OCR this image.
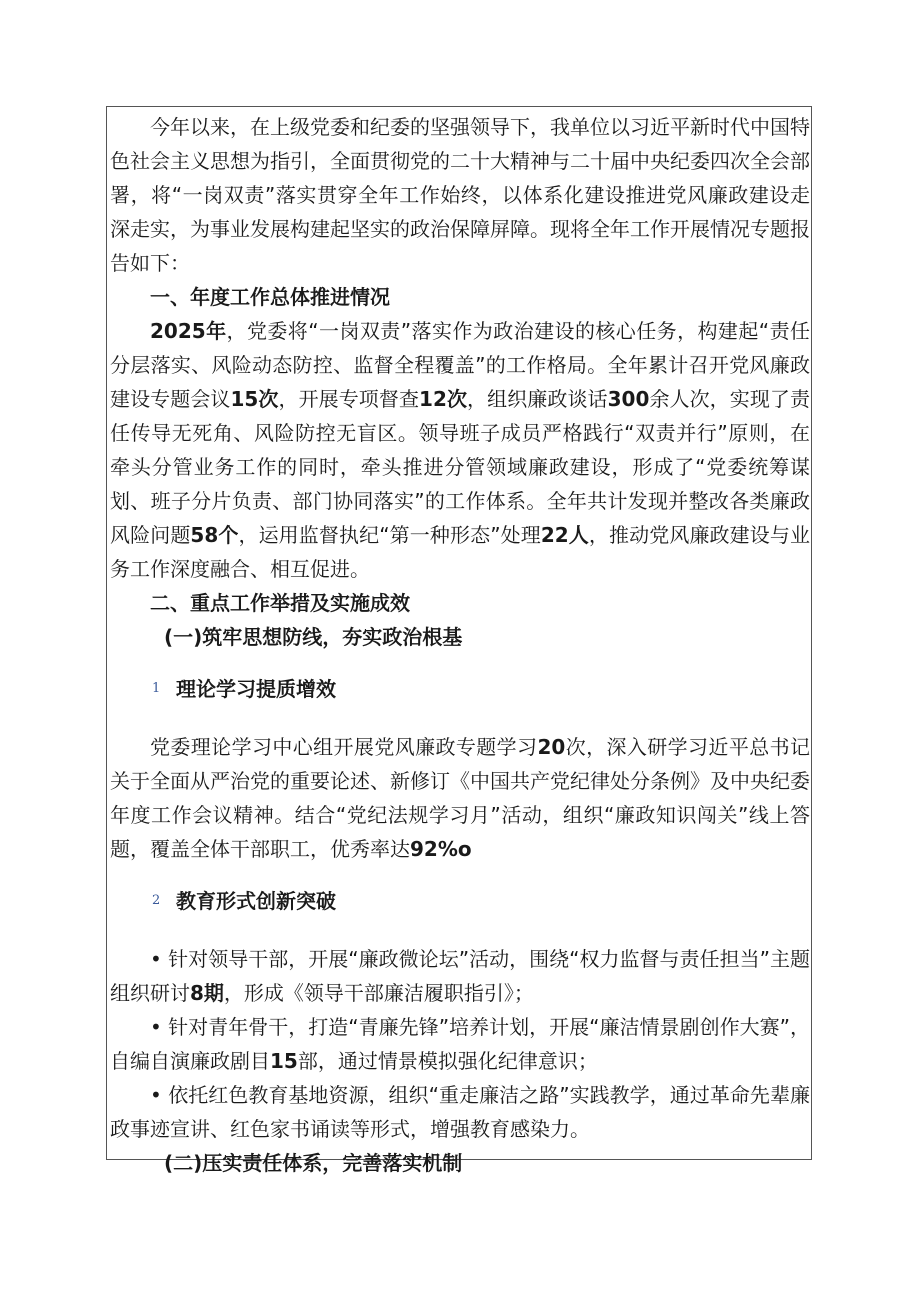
今年以来，在上级党委和纪委的坚强领导下，我单位以习近平新时代中国特色社会主义思想为指引，全面贯彻党的二十大精神与二十届中央纪委四次全会部署，将“一岗双责”落实贯穿全年工作始终，以体系化建设推进党风廉政建设走深走实，为事业发展构建起坚实的政治保障屏障。现将全年工作开展情况专题报告如下：

一、年度工作总体推进情况

2025年，党委将“一岗双责”落实作为政治建设的核心任务，构建起“责任分层落实、风险动态防控、监督全程覆盖”的工作格局。全年累计召开党风廉政建设专题会议15次，开展专项督查12次，组织廉政谈话300余人次，实现了责任传导无死角、风险防控无盲区。领导班子成员严格践行“双责并行”原则，在牵头分管业务工作的同时，牵头推进分管领域廉政建设，形成了“党委统筹谋划、班子分片负责、部门协同落实”的工作体系。全年共计发现并整改各类廉政风险问题58个，运用监督执纪“第一种形态”处理22人，推动党风廉政建设与业务工作深度融合、相互促进。

二、重点工作举措及实施成效

(一)筑牢思想防线，夯实政治根基

1 理论学习提质增效

党委理论学习中心组开展党风廉政专题学习20次，深入研学习近平总书记关于全面从严治党的重要论述、新修订《中国共产党纪律处分条例》及中央纪委年度工作会议精神。结合“党纪法规学习月”活动，组织“廉政知识闯关”线上答题，覆盖全体干部职工，优秀率达92%o

2 教育形式创新突破

• 针对领导干部，开展“廉政微论坛”活动，围绕“权力监督与责任担当”主题组织研讨8期，形成《领导干部廉洁履职指引》；

• 针对青年骨干，打造“青廉先锋”培养计划，开展“廉洁情景剧创作大赛”，自编自演廉政剧目15部，通过情景模拟强化纪律意识；

• 依托红色教育基地资源，组织“重走廉洁之路”实践教学，通过革命先辈廉政事迹宣讲、红色家书诵读等形式，增强教育感染力。

(二)压实责任体系，完善落实机制
